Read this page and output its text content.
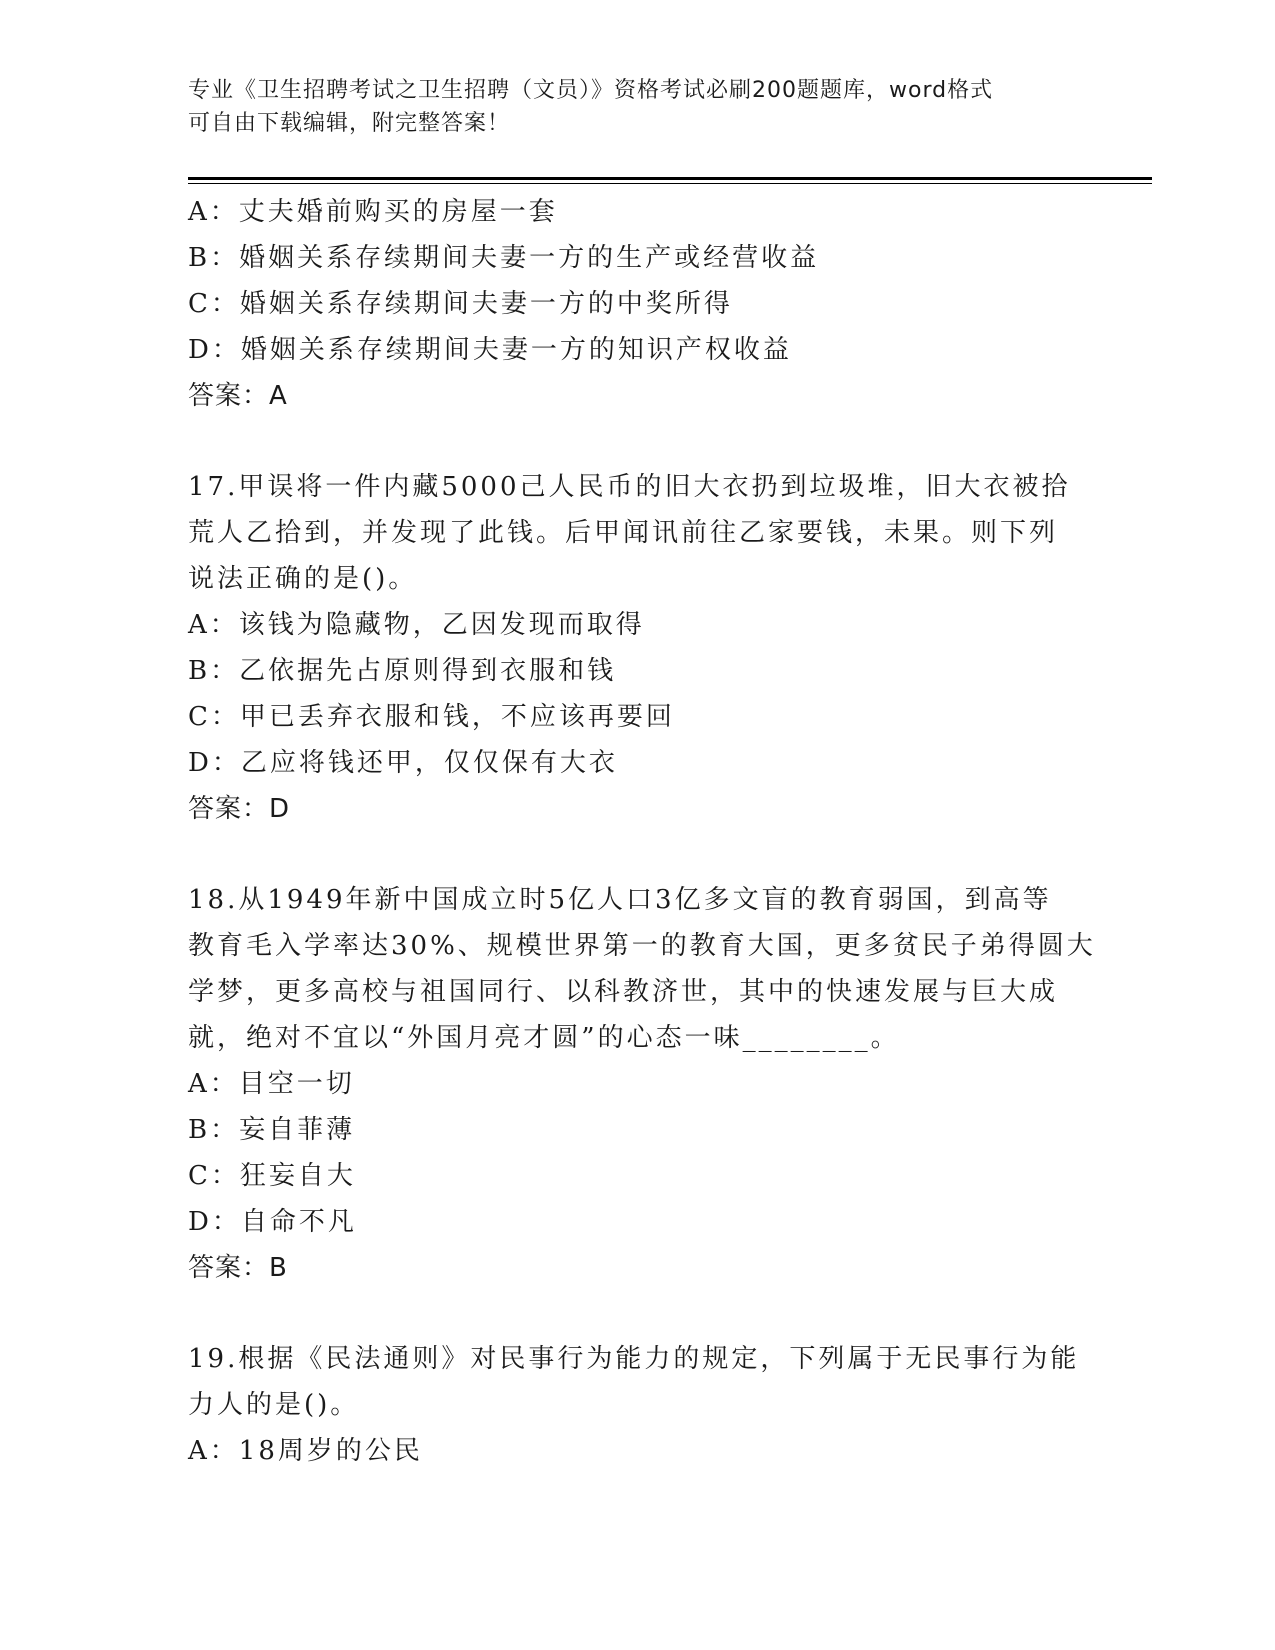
专业《卫生招聘考试之卫生招聘（文员）》资格考试必刷200题题库，word格式
可自由下载编辑，附完整答案！
A：丈夫婚前购买的房屋一套
B：婚姻关系存续期间夫妻一方的生产或经营收益
C：婚姻关系存续期间夫妻一方的中奖所得
D：婚姻关系存续期间夫妻一方的知识产权收益
答案：A
17.甲误将一件内藏5000己人民币的旧大衣扔到垃圾堆，旧大衣被拾
荒人乙拾到，并发现了此钱。后甲闻讯前往乙家要钱，未果。则下列
说法正确的是()。
A：该钱为隐藏物，乙因发现而取得
B：乙依据先占原则得到衣服和钱
C：甲已丢弃衣服和钱，不应该再要回
D：乙应将钱还甲，仅仅保有大衣
答案：D
18.从1949年新中国成立时5亿人口3亿多文盲的教育弱国，到高等
教育毛入学率达30%、规模世界第一的教育大国，更多贫民子弟得圆大
学梦，更多高校与祖国同行、以科教济世，其中的快速发展与巨大成
就，绝对不宜以“外国月亮才圆”的心态一味________。
A：目空一切
B：妄自菲薄
C：狂妄自大
D：自命不凡
答案：B
19.根据《民法通则》对民事行为能力的规定，下列属于无民事行为能
力人的是()。
A：18周岁的公民
